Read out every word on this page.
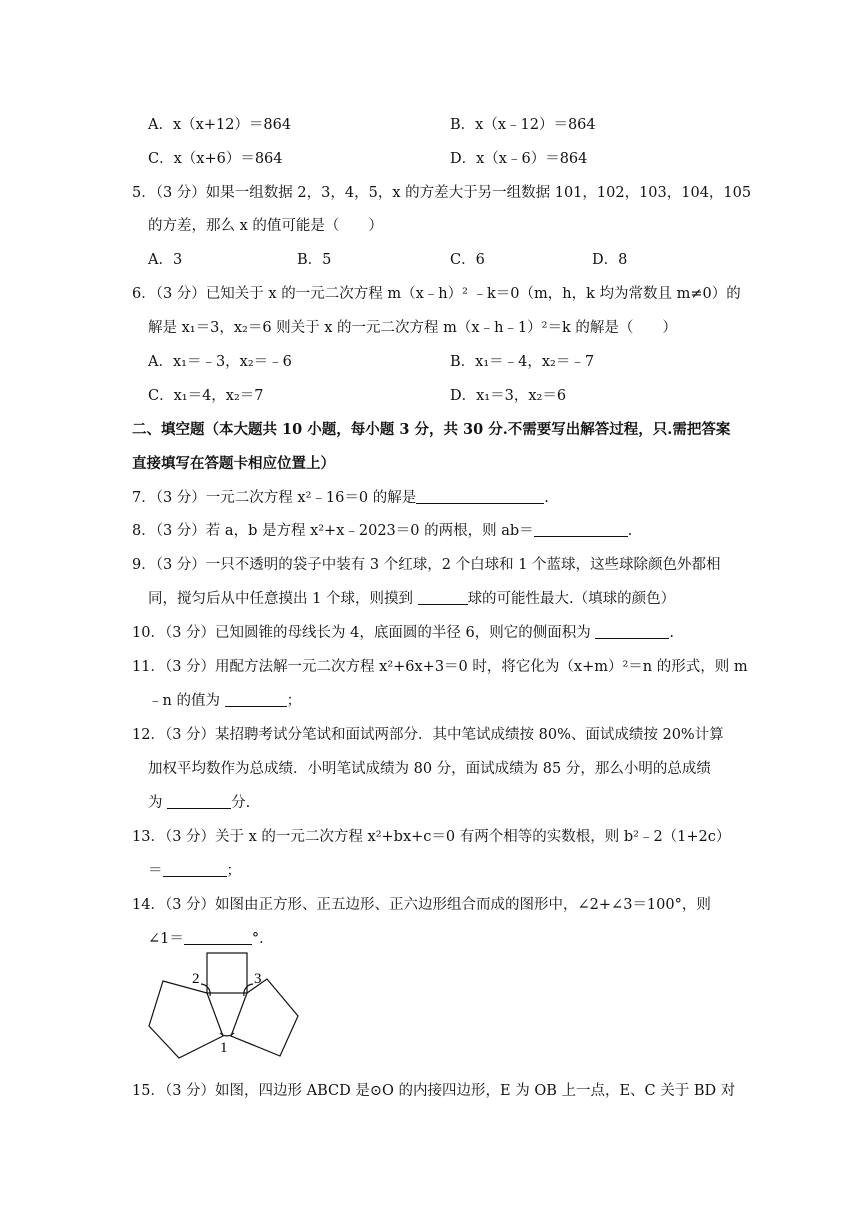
A．x（x+12）＝864	B．x（x﹣12）＝864
C．x（x+6）＝864	D．x（x﹣6）＝864
5．（3 分）如果一组数据 2，3，4，5，x 的方差大于另一组数据 101，102，103，104，105
的方差，那么 x 的值可能是（　　）
A．3	B．5	C．6	D．8
6．（3 分）已知关于 x 的一元二次方程 m（x﹣h）² ﹣k＝0（m，h，k 均为常数且 m≠0）的
解是 x₁＝3，x₂＝6 则关于 x 的一元二次方程 m（x﹣h﹣1）²＝k 的解是（　　）
A．x₁＝﹣3，x₂＝﹣6	B．x₁＝﹣4，x₂＝﹣7
C．x₁＝4，x₂＝7	D．x₁＝3，x₂＝6
二、填空题（本大题共 10 小题，每小题 3 分，共 30 分.不需要写出解答过程，只.需把答案
直接填写在答题卡相应位置上）
7．（3 分）一元二次方程 x²﹣16＝0 的解是	.
8．（3 分）若 a，b 是方程 x²+x﹣2023＝0 的两根，则 ab＝	.
9．（3 分）一只不透明的袋子中装有 3 个红球，2 个白球和 1 个蓝球，这些球除颜色外都相
同，搅匀后从中任意摸出 1 个球，则摸到	球的可能性最大.（填球的颜色）
10．（3 分）已知圆锥的母线长为 4，底面圆的半径 6，则它的侧面积为	.
11．（3 分）用配方法解一元二次方程 x²+6x+3＝0 时，将它化为（x+m）²＝n 的形式，则 m
﹣n 的值为	；
12．（3 分）某招聘考试分笔试和面试两部分．其中笔试成绩按 80%、面试成绩按 20%计算
加权平均数作为总成绩．小明笔试成绩为 80 分，面试成绩为 85 分，那么小明的总成绩
为	分.
13．（3 分）关于 x 的一元二次方程 x²+bx+c＝0 有两个相等的实数根，则 b²﹣2（1+2c）
＝	；
14．（3 分）如图由正方形、正五边形、正六边形组合而成的图形中，∠2+∠3＝100°，则
∠1＝	°．
2	3
1
15．（3 分）如图，四边形 ABCD 是⊙O 的内接四边形，E 为 OB 上一点，E、C 关于 BD 对
